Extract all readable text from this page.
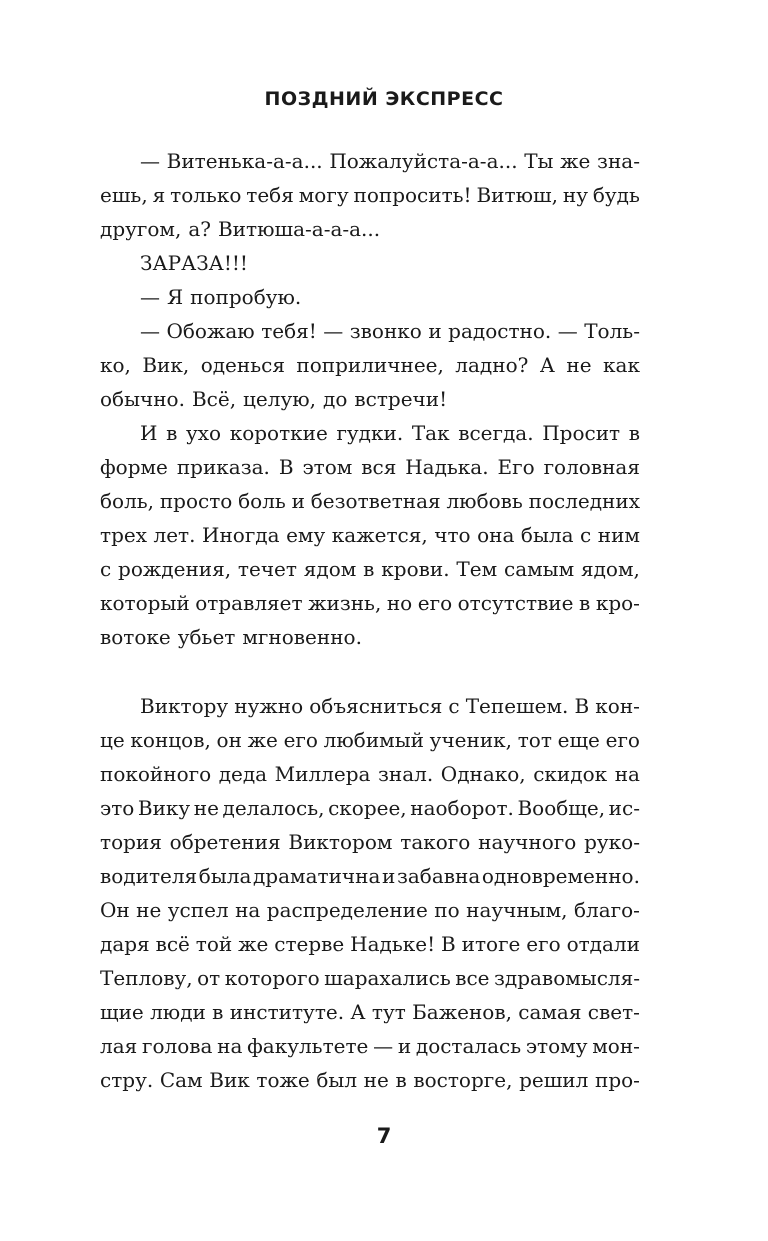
ПОЗДНИЙ ЭКСПРЕСС
— Витенька-а-а... Пожалуйста-а-а... Ты же зна-
ешь, я только тебя могу попросить! Витюш, ну будь
другом, а? Витюша-а-а-а...
ЗАРАЗА!!!
— Я попробую.
— Обожаю тебя! — звонко и радостно. — Толь-
ко, Вик, оденься поприличнее, ладно? А не как
обычно. Всё, целую, до встречи!
И в ухо короткие гудки. Так всегда. Просит в
форме приказа. В этом вся Надька. Его головная
боль, просто боль и безответная любовь последних
трех лет. Иногда ему кажется, что она была с ним
с рождения, течет ядом в крови. Тем самым ядом,
который отравляет жизнь, но его отсутствие в кро-
вотоке убьет мгновенно.
Виктору нужно объясниться с Тепешем. В кон-
це концов, он же его любимый ученик, тот еще его
покойного деда Миллера знал. Однако, скидок на
это Вику не делалось, скорее, наоборот. Вообще, ис-
тория обретения Виктором такого научного руко-
водителя была драматична и забавна одновременно.
Он не успел на распределение по научным, благо-
даря всё той же стерве Надьке! В итоге его отдали
Теплову, от которого шарахались все здравомысля-
щие люди в институте. А тут Баженов, самая свет-
лая голова на факультете — и досталась этому мон-
стру. Сам Вик тоже был не в восторге, решил про-
7
